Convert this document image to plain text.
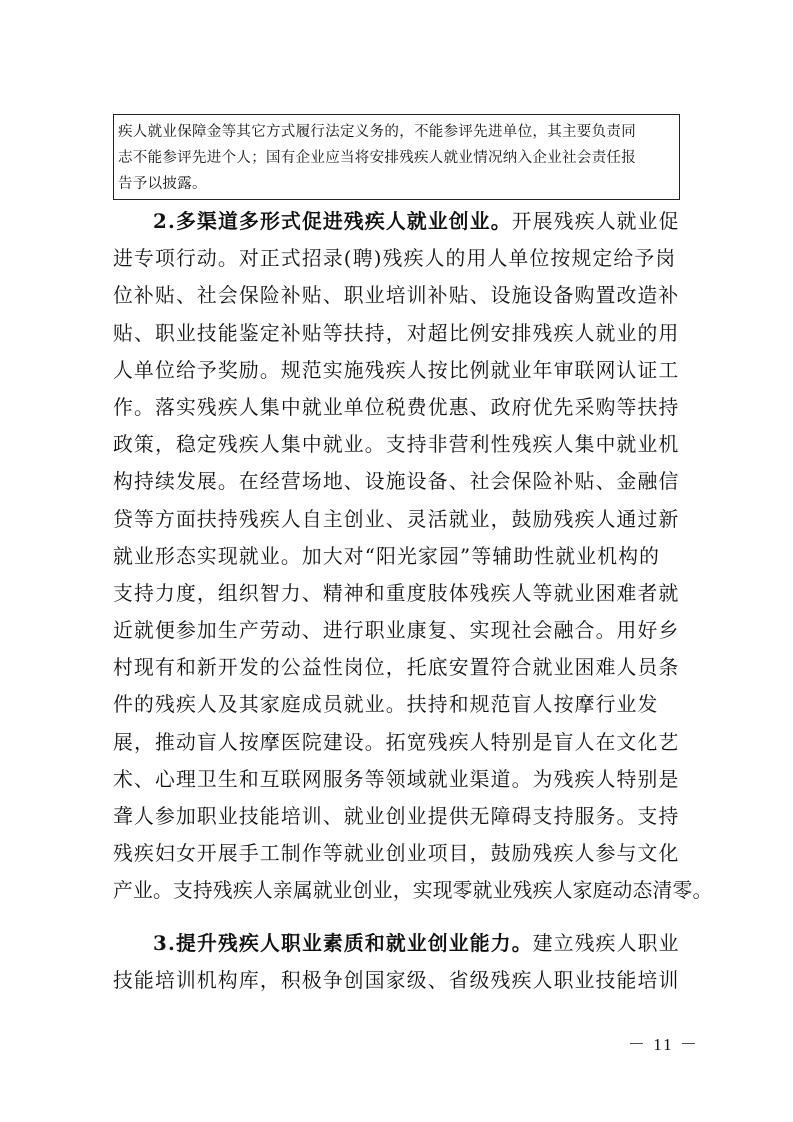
疾人就业保障金等其它方式履行法定义务的，不能参评先进单位，其主要负责同
志不能参评先进个人；国有企业应当将安排残疾人就业情况纳入企业社会责任报
告予以披露。
2.多渠道多形式促进残疾人就业创业。开展残疾人就业促
进专项行动。对正式招录(聘)残疾人的用人单位按规定给予岗
位补贴、社会保险补贴、职业培训补贴、设施设备购置改造补
贴、职业技能鉴定补贴等扶持，对超比例安排残疾人就业的用
人单位给予奖励。规范实施残疾人按比例就业年审联网认证工
作。落实残疾人集中就业单位税费优惠、政府优先采购等扶持
政策，稳定残疾人集中就业。支持非营利性残疾人集中就业机
构持续发展。在经营场地、设施设备、社会保险补贴、金融信
贷等方面扶持残疾人自主创业、灵活就业，鼓励残疾人通过新
就业形态实现就业。加大对“阳光家园”等辅助性就业机构的
支持力度，组织智力、精神和重度肢体残疾人等就业困难者就
近就便参加生产劳动、进行职业康复、实现社会融合。用好乡
村现有和新开发的公益性岗位，托底安置符合就业困难人员条
件的残疾人及其家庭成员就业。扶持和规范盲人按摩行业发
展，推动盲人按摩医院建设。拓宽残疾人特别是盲人在文化艺
术、心理卫生和互联网服务等领域就业渠道。为残疾人特别是
聋人参加职业技能培训、就业创业提供无障碍支持服务。支持
残疾妇女开展手工制作等就业创业项目，鼓励残疾人参与文化
产业。支持残疾人亲属就业创业，实现零就业残疾人家庭动态清零。
3.提升残疾人职业素质和就业创业能力。建立残疾人职业
技能培训机构库，积极争创国家级、省级残疾人职业技能培训
－ 11 －
